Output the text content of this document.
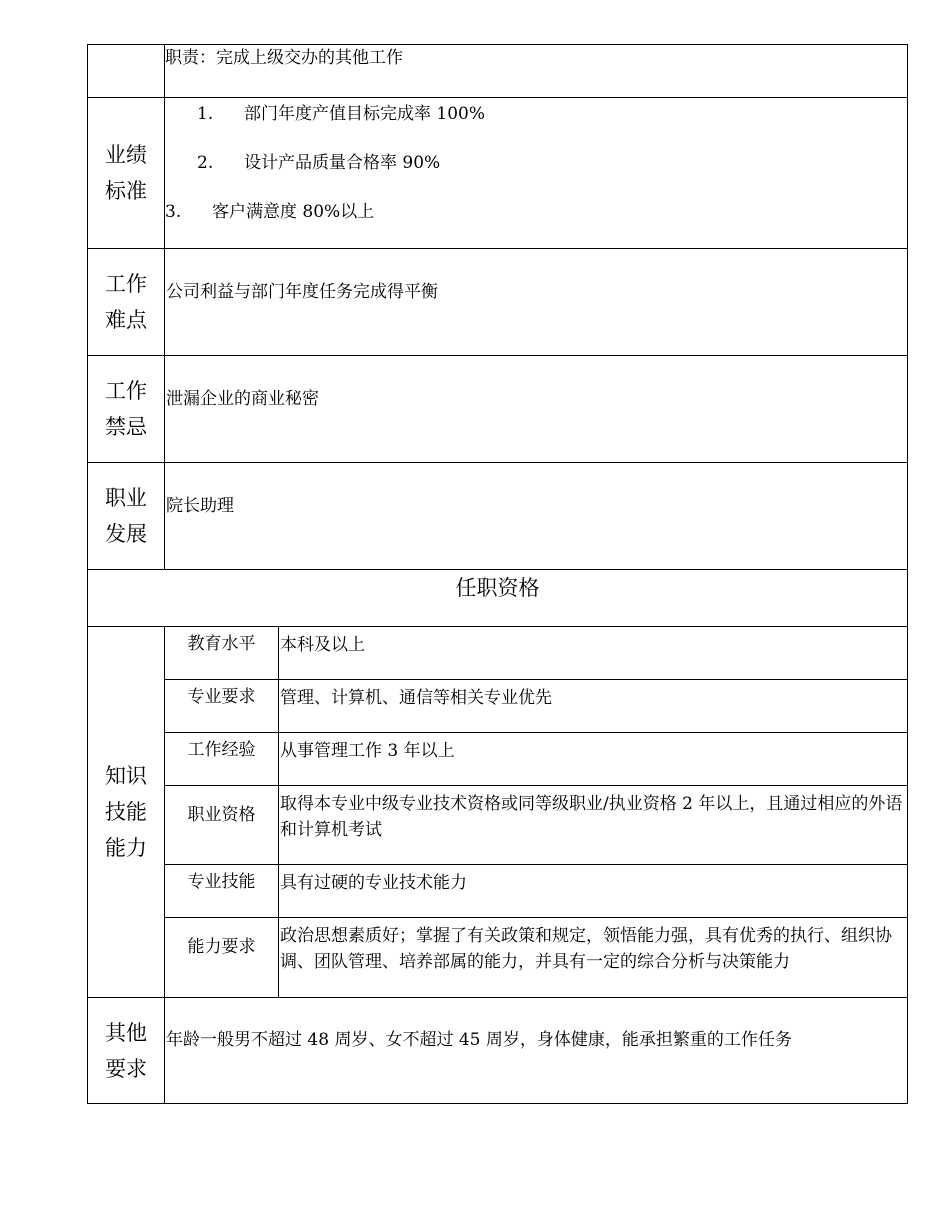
	职责：完成上级交办的其他工作	
业绩标准	1. 部门年度产值目标完成率 100%
2. 设计产品质量合格率 90%
3. 客户满意度 80%以上	

工作难点	公司利益与部门年度任务完成得平衡	
工作禁忌	泄漏企业的商业秘密	
职业发展	院长助理	
任职资格		
知识技能能力	教育水平	本科及以上
	专业要求	管理、计算机、通信等相关专业优先
	工作经验	从事管理工作 3 年以上
	职业资格	取得本专业中级专业技术资格或同等级职业/执业资格 2 年以上，且通过相应的外语和计算机考试
	专业技能	具有过硬的专业技术能力
	能力要求	政治思想素质好；掌握了有关政策和规定，领悟能力强，具有优秀的执行、组织协调、团队管理、培养部属的能力，并具有一定的综合分析与决策能力
其他要求	年龄一般男不超过 48 周岁、女不超过 45 周岁，身体健康，能承担繁重的工作任务	
